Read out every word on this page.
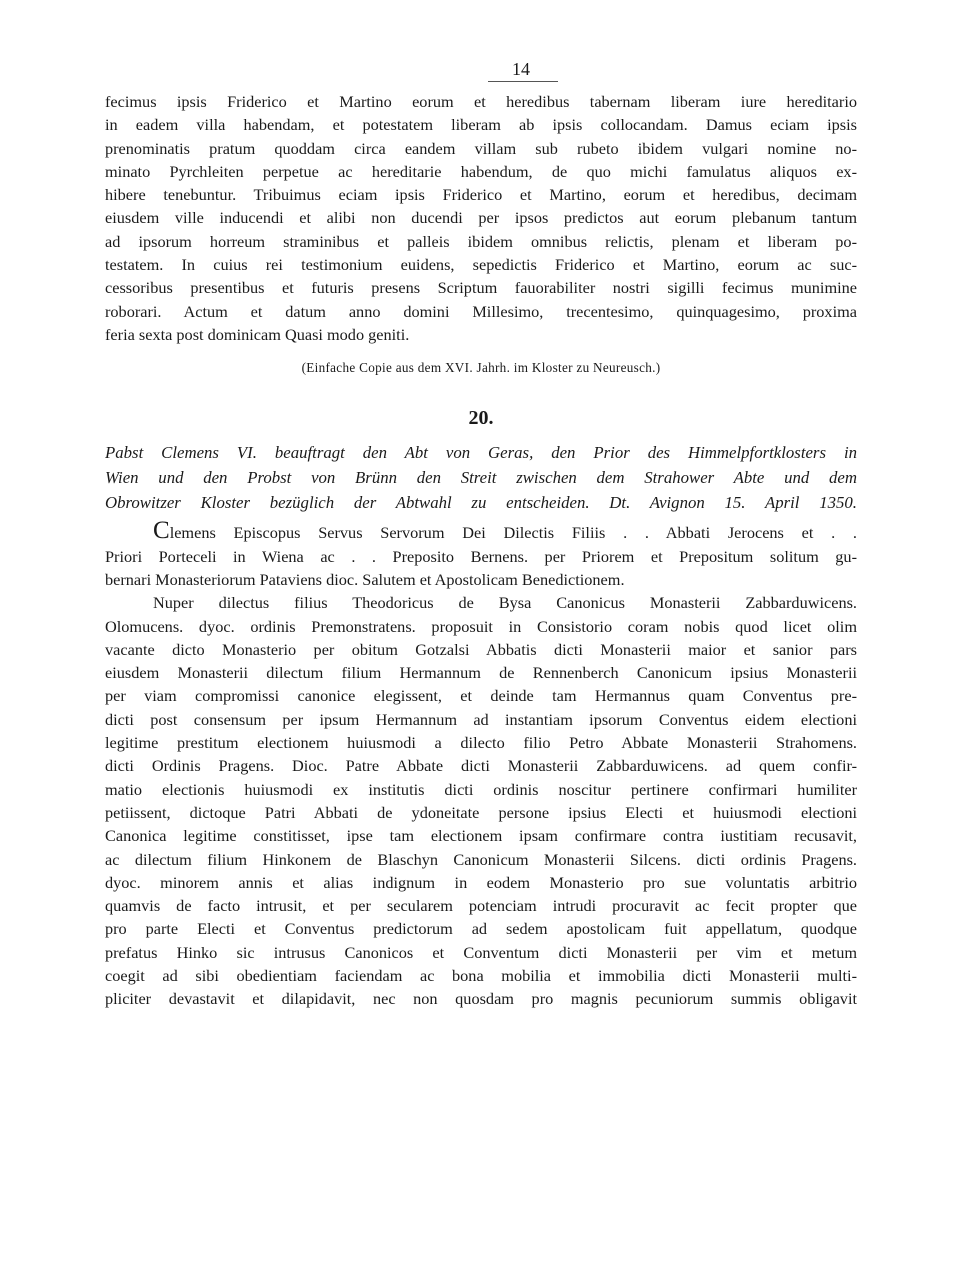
14
fecimus ipsis Friderico et Martino eorum et heredibus tabernam liberam iure hereditario
in eadem villa habendam, et potestatem liberam ab ipsis collocandam. Damus eciam ipsis
prenominatis pratum quoddam circa eandem villam sub rubeto ibidem vulgari nomine no-
minato Pyrchleiten perpetue ac hereditarie habendum, de quo michi famulatus aliquos ex-
hibere tenebuntur. Tribuimus eciam ipsis Friderico et Martino, eorum et heredibus, decimam
eiusdem ville inducendi et alibi non ducendi per ipsos predictos aut eorum plebanum tantum
ad ipsorum horreum straminibus et palleis ibidem omnibus relictis, plenam et liberam po-
testatem. In cuius rei testimonium euidens, sepedictis Friderico et Martino, eorum ac suc-
cessoribus presentibus et futuris presens Scriptum fauorabiliter nostri sigilli fecimus munimine
roborari. Actum et datum anno domini Millesimo, trecentesimo, quinquagesimo, proxima
feria sexta post dominicam Quasi modo geniti.
(Einfache Copie aus dem XVI. Jahrh. im Kloster zu Neureusch.)
20.
Pabst Clemens VI. beauftragt den Abt von Geras, den Prior des Himmelpfortklosters in
Wien und den Probst von Brünn den Streit zwischen dem Strahower Abte und dem
Obrowitzer Kloster bezüglich der Abtwahl zu entscheiden. Dt. Avignon 15. April 1350.
Clemens Episcopus Servus Servorum Dei Dilectis Filiis . . Abbati Jerocens et . .
Priori Porteceli in Wiena ac . . Preposito Bernens. per Priorem et Prepositum solitum gu-
bernari Monasteriorum Pataviens dioc. Salutem et Apostolicam Benedictionem.
Nuper dilectus filius Theodoricus de Bysa Canonicus Monasterii Zabbarduwicens.
Olomucens. dyoc. ordinis Premonstratens. proposuit in Consistorio coram nobis quod licet olim
vacante dicto Monasterio per obitum Gotzalsi Abbatis dicti Monasterii maior et sanior pars
eiusdem Monasterii dilectum filium Hermannum de Rennenberch Canonicum ipsius Monasterii
per viam compromissi canonice elegissent, et deinde tam Hermannus quam Conventus pre-
dicti post consensum per ipsum Hermannum ad instantiam ipsorum Conventus eidem electioni
legitime prestitum electionem huiusmodi a dilecto filio Petro Abbate Monasterii Strahomens.
dicti Ordinis Pragens. Dioc. Patre Abbate dicti Monasterii Zabbarduwicens. ad quem confir-
matio electionis huiusmodi ex institutis dicti ordinis noscitur pertinere confirmari humiliter
petiissent, dictoque Patri Abbati de ydoneitate persone ipsius Electi et huiusmodi electioni
Canonica legitime constitisset, ipse tam electionem ipsam confirmare contra iustitiam recusavit,
ac dilectum filium Hinkonem de Blaschyn Canonicum Monasterii Silcens. dicti ordinis Pragens.
dyoc. minorem annis et alias indignum in eodem Monasterio pro sue voluntatis arbitrio
quamvis de facto intrusit, et per secularem potenciam intrudi procuravit ac fecit propter que
pro parte Electi et Conventus predictorum ad sedem apostolicam fuit appellatum, quodque
prefatus Hinko sic intrusus Canonicos et Conventum dicti Monasterii per vim et metum
coegit ad sibi obedientiam faciendam ac bona mobilia et immobilia dicti Monasterii multi-
pliciter devastavit et dilapidavit, nec non quosdam pro magnis pecuniorum summis obligavit
